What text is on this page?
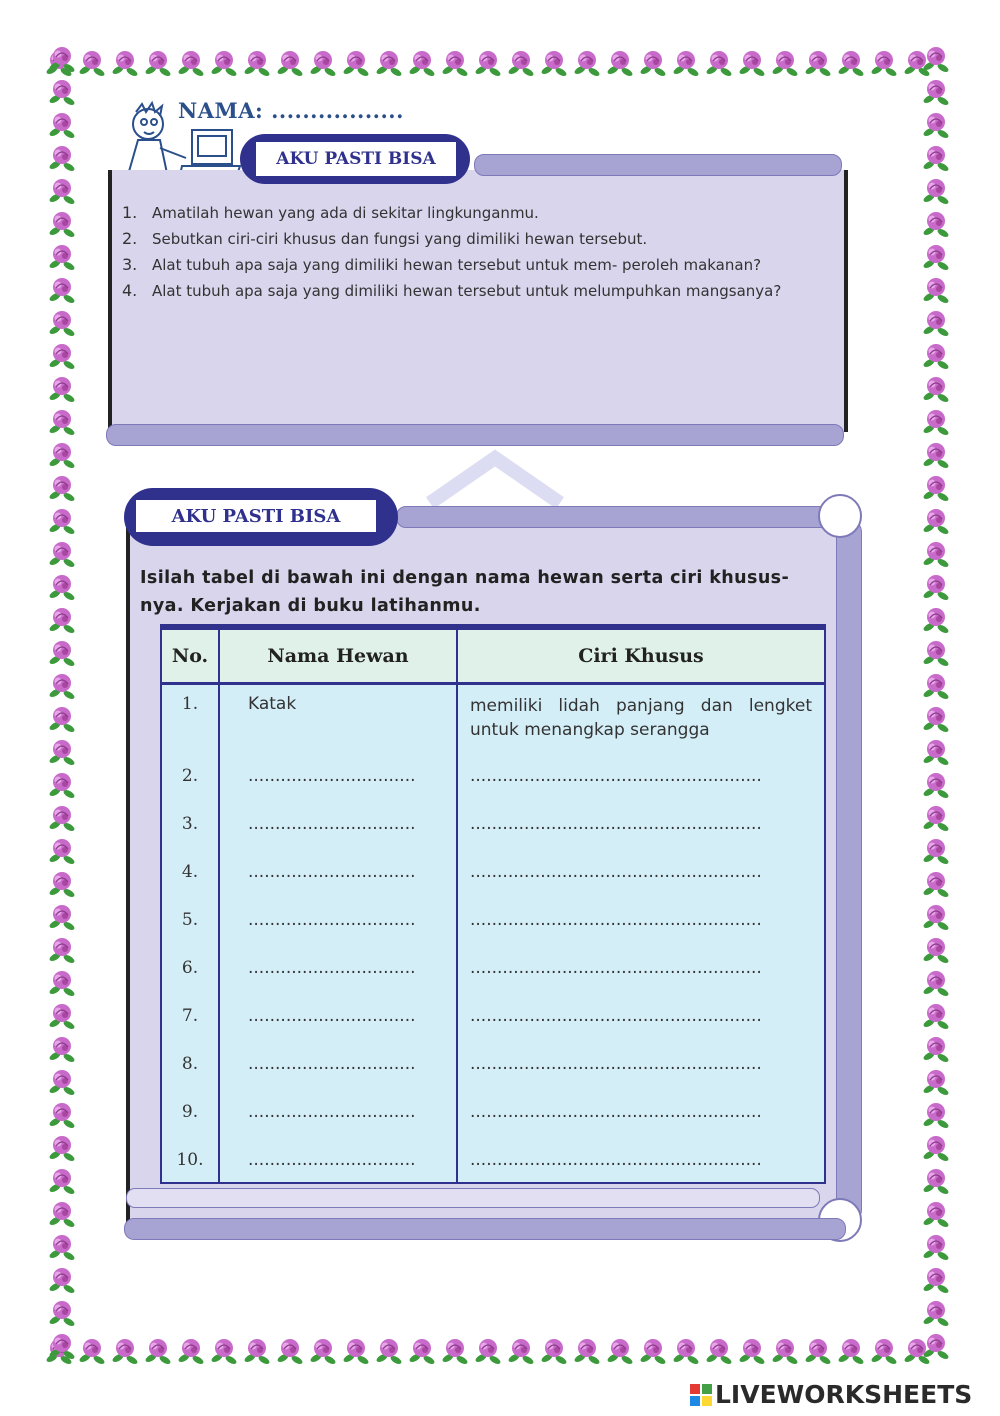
NAMA: .................
AKU PASTI BISA
1. Amatilah hewan yang ada di sekitar lingkunganmu.
2. Sebutkan ciri-ciri khusus dan fungsi yang dimiliki hewan tersebut.
3. Alat tubuh apa saja yang dimiliki hewan tersebut untuk mem- peroleh makanan?
4. Alat tubuh apa saja yang dimiliki hewan tersebut untuk melumpuhkan mangsanya?
AKU PASTI BISA
Isilah tabel di bawah ini dengan nama hewan serta ciri khususnya. Kerjakan di buku latihanmu.
No.	Nama Hewan	Ciri Khusus
1.	Katak	memiliki lidah panjang dan lengket untuk menangkap serangga
2.	...............................	......................................................
3.	...............................	......................................................
4.	...............................	......................................................
5.	...............................	......................................................
6.	...............................	......................................................
7.	...............................	......................................................
8.	...............................	......................................................
9.	...............................	......................................................
10.	...............................	......................................................
LIVEWORKSHEETS
